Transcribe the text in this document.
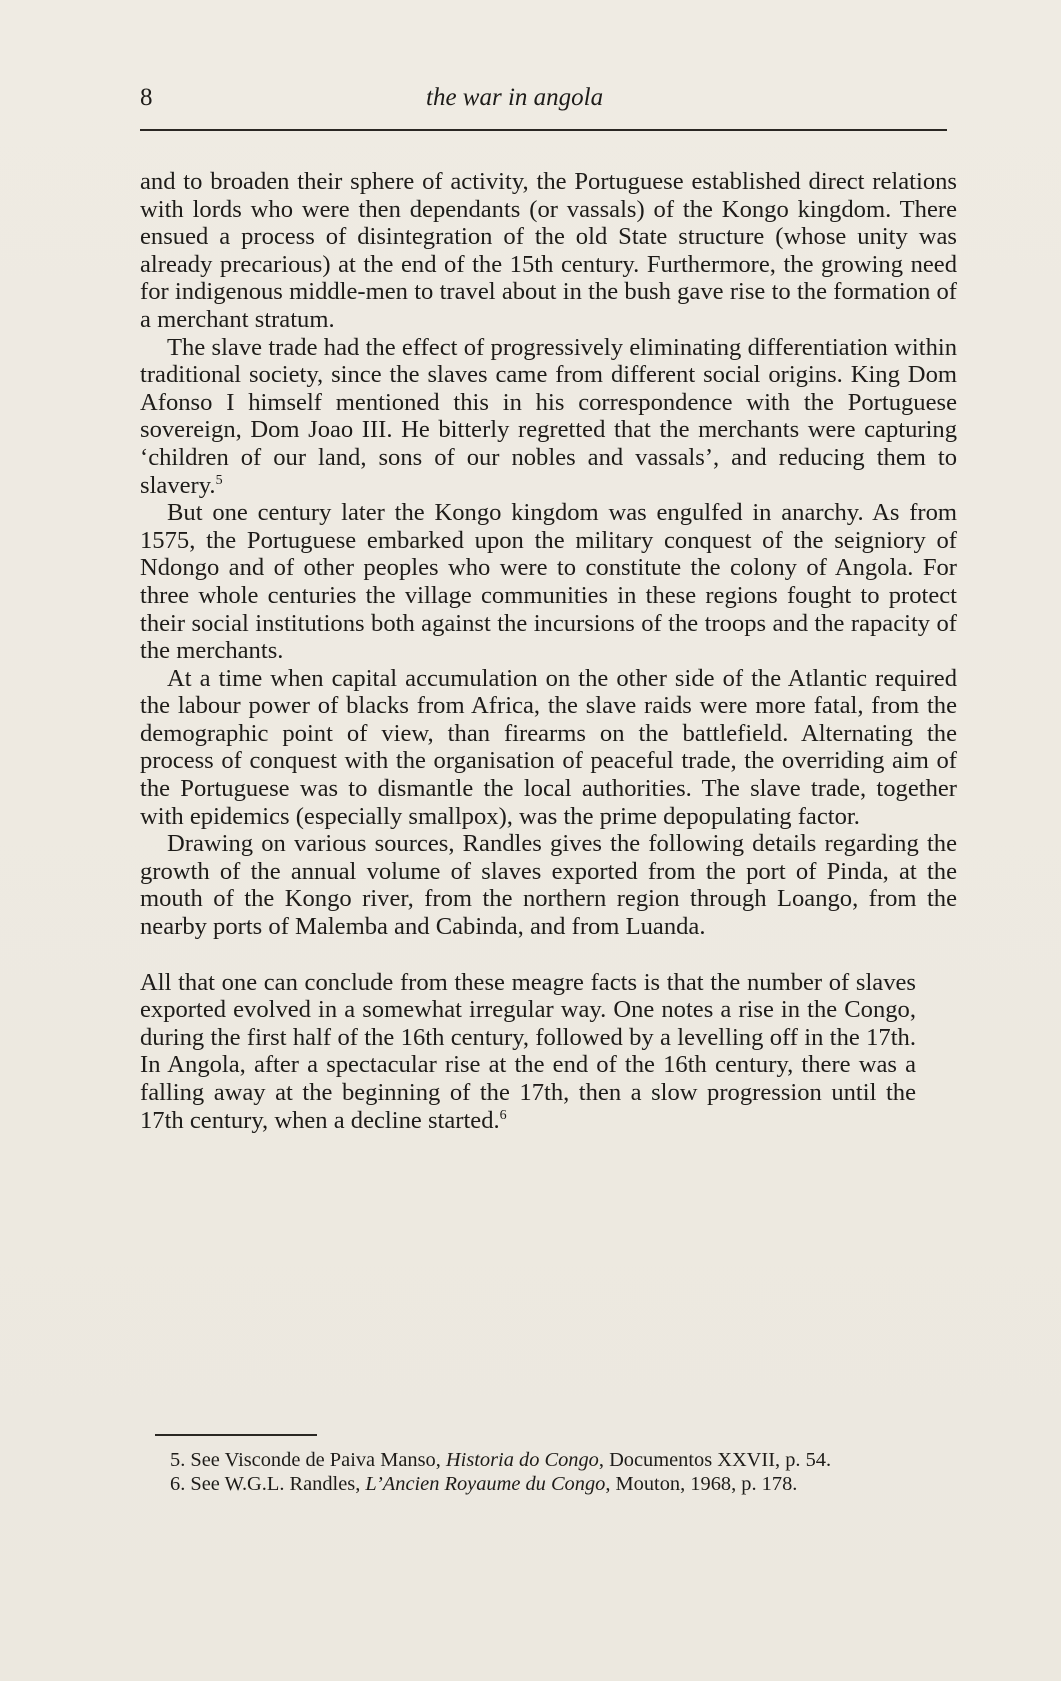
8	the war in angola

and to broaden their sphere of activity, the Portuguese established direct relations with lords who were then dependants (or vassals) of the Kongo kingdom. There ensued a process of disintegration of the old State structure (whose unity was already precarious) at the end of the 15th century. Furthermore, the growing need for indigenous middle-men to travel about in the bush gave rise to the formation of a merchant stratum.

The slave trade had the effect of progressively eliminating differentiation within traditional society, since the slaves came from different social origins. King Dom Afonso I himself mentioned this in his correspondence with the Portuguese sovereign, Dom Joao III. He bitterly regretted that the merchants were capturing ‘children of our land, sons of our nobles and vassals’, and reducing them to slavery.$^5$

But one century later the Kongo kingdom was engulfed in anarchy. As from 1575, the Portuguese embarked upon the military conquest of the seigniory of Ndongo and of other peoples who were to constitute the colony of Angola. For three whole centuries the village communities in these regions fought to protect their social institutions both against the incursions of the troops and the rapacity of the merchants.

At a time when capital accumulation on the other side of the Atlantic required the labour power of blacks from Africa, the slave raids were more fatal, from the demographic point of view, than firearms on the battlefield. Alternating the process of conquest with the organisation of peaceful trade, the overriding aim of the Portuguese was to dismantle the local authorities. The slave trade, together with epidemics (especially smallpox), was the prime depopulating factor.

Drawing on various sources, Randles gives the following details regarding the growth of the annual volume of slaves exported from the port of Pinda, at the mouth of the Kongo river, from the northern region through Loango, from the nearby ports of Malemba and Cabinda, and from Luanda.

All that one can conclude from these meagre facts is that the number of slaves exported evolved in a somewhat irregular way. One notes a rise in the Congo, during the first half of the 16th century, followed by a levelling off in the 17th. In Angola, after a spectacular rise at the end of the 16th century, there was a falling away at the beginning of the 17th, then a slow progression until the 17th century, when a decline started.$^6$

5. See Visconde de Paiva Manso, Historia do Congo, Documentos XXVII, p. 54.

6. See W.G.L. Randles, L’Ancien Royaume du Congo, Mouton, 1968, p. 178.
